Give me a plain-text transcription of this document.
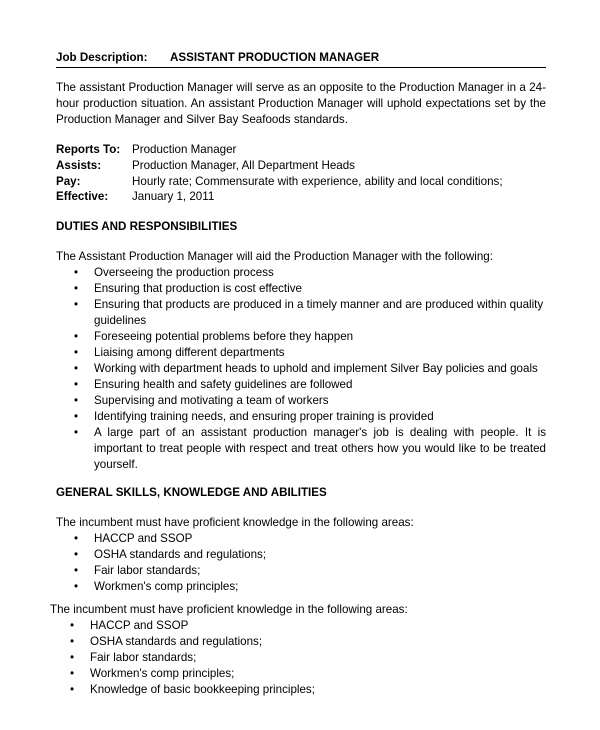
Job Description: ASSISTANT PRODUCTION MANAGER

The assistant Production Manager will serve as an opposite to the Production Manager in a 24-hour production situation. An assistant Production Manager will uphold expectations set by the Production Manager and Silver Bay Seafoods standards.

Reports To: Production Manager
Assists:	Production Manager, All Department Heads
Pay:	Hourly rate; Commensurate with experience, ability and local conditions;
Effective: January 1, 2011
DUTIES AND RESPONSIBILITIES
The Assistant Production Manager will aid the Production Manager with the following:
• Overseeing the production process
• Ensuring that production is cost effective
• Ensuring that products are produced in a timely manner and are produced within quality guidelines
• Foreseeing potential problems before they happen
• Liaising among different departments
• Working with department heads to uphold and implement Silver Bay policies and goals
• Ensuring health and safety guidelines are followed
• Supervising and motivating a team of workers
• Identifying training needs, and ensuring proper training is provided
• A large part of an assistant production manager's job is dealing with people. It is important to treat people with respect and treat others how you would like to be treated yourself.
GENERAL SKILLS, KNOWLEDGE AND ABILITIES
The incumbent must have proficient knowledge in the following areas:
• HACCP and SSOP
• OSHA standards and regulations;
• Fair labor standards;
• Workmen's comp principles;
The incumbent must have proficient knowledge in the following areas:
• HACCP and SSOP
• OSHA standards and regulations;
• Fair labor standards;
• Workmen's comp principles;
• Knowledge of basic bookkeeping principles;
